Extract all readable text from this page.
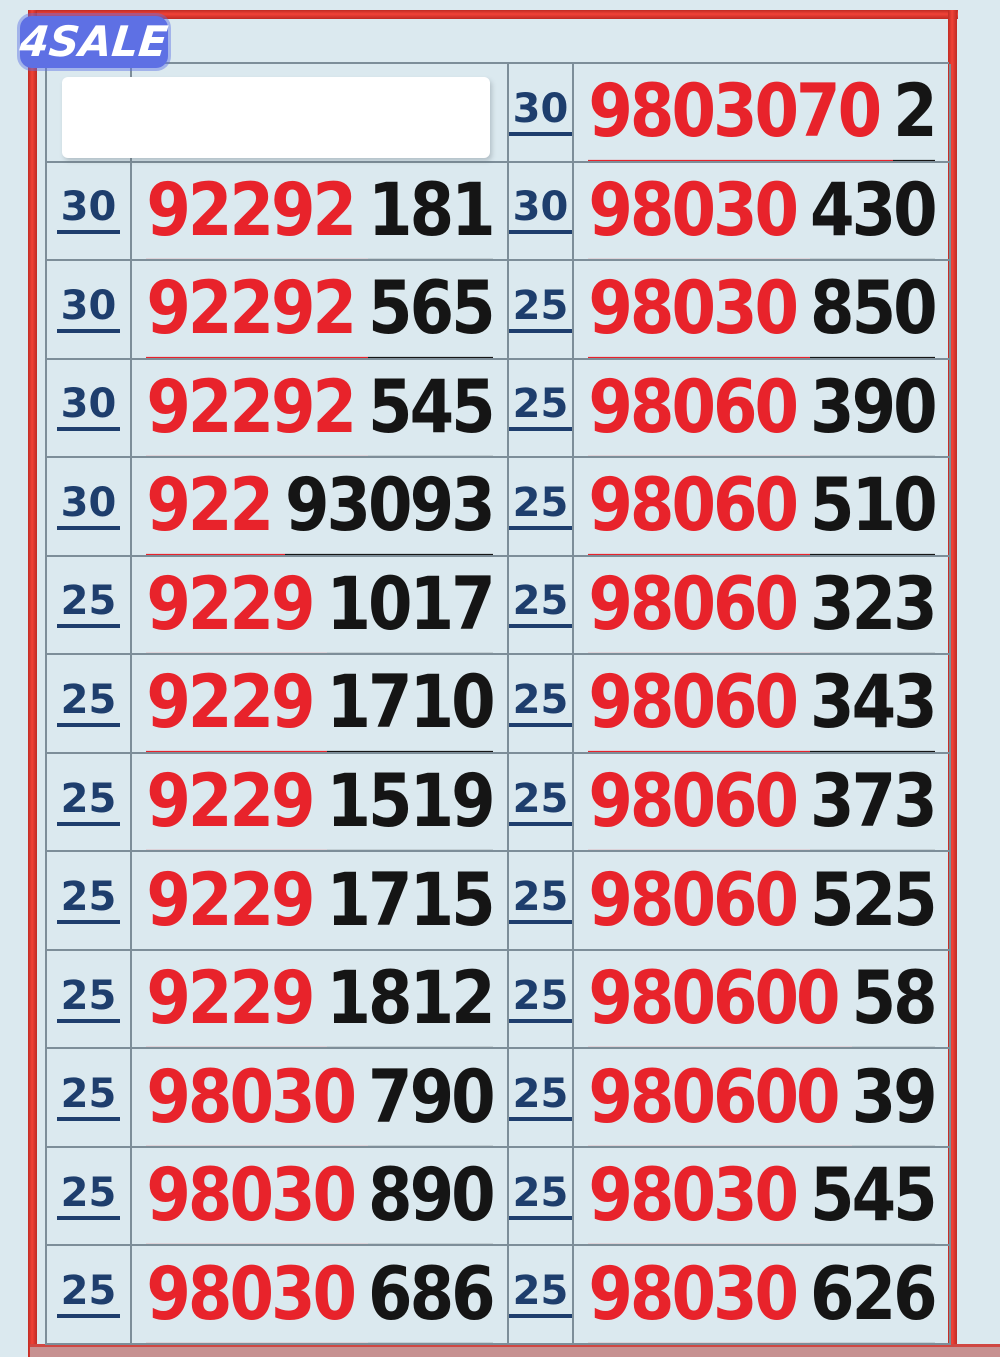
30 9803070 2
30 92292 181 30 98030 430
30 92292 565 25 98030 850
30 92292 545 25 98060 390
30 922 93093 25 98060 510
25 9229 1017 25 98060 323
25 9229 1710 25 98060 343
25 9229 1519 25 98060 373
25 9229 1715 25 98060 525
25 9229 1812 25 980600 58
25 98030 790 25 980600 39
25 98030 890 25 98030 545
25 98030 686 25 98030 626
4SALE
